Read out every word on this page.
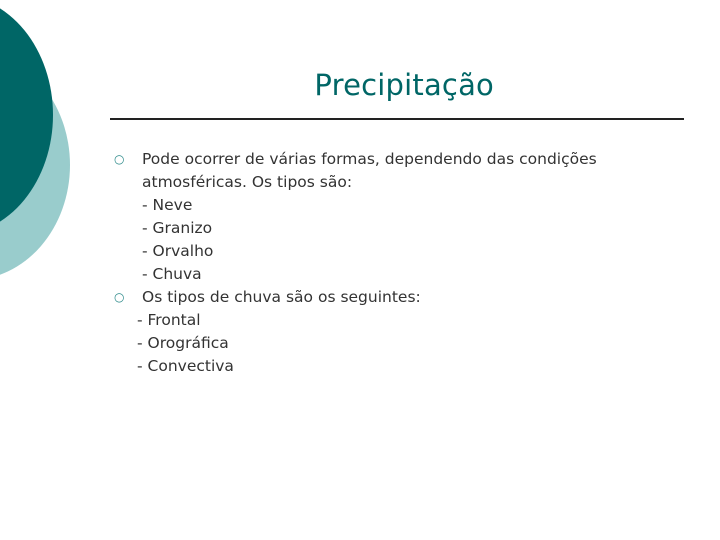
Precipitação
○	Pode ocorrer de várias formas, dependendo das condições
atmosféricas. Os tipos são:
- Neve
- Granizo
- Orvalho
- Chuva
○	Os tipos de chuva são os seguintes:
- Frontal
- Orográfica
- Convectiva
